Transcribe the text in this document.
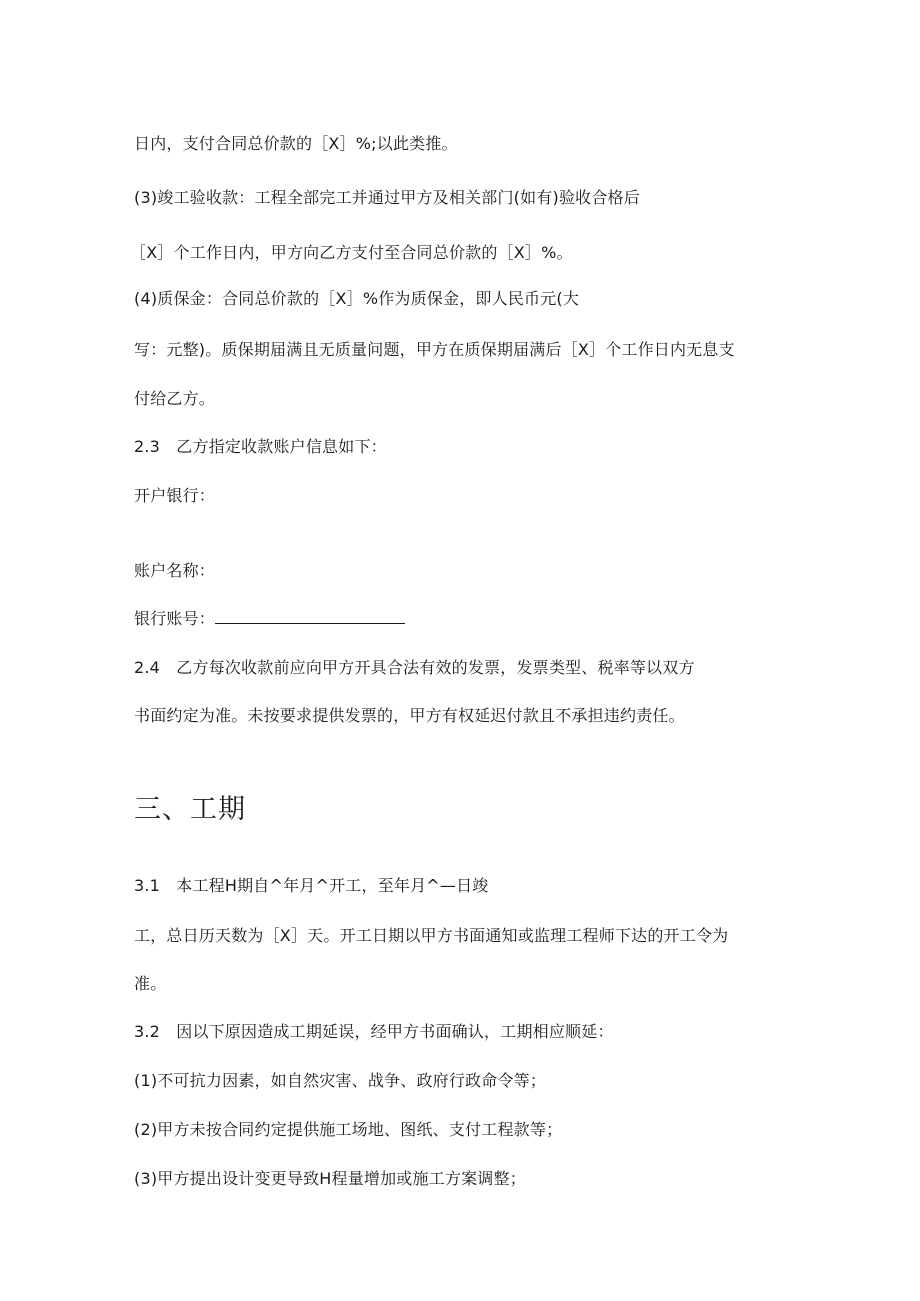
日内，支付合同总价款的［X］%;以此类推。
(3)竣工验收款：工程全部完工并通过甲方及相关部门(如有)验收合格后
［X］个工作日内，甲方向乙方支付至合同总价款的［X］%。
(4)质保金：合同总价款的［X］%作为质保金，即人民币元(大
写：元整)。质保期届满且无质量问题，甲方在质保期届满后［X］个工作日内无息支
付给乙方。
2.3　乙方指定收款账户信息如下：
开户银行：
账户名称：
银行账号：
2.4　乙方每次收款前应向甲方开具合法有效的发票，发票类型、税率等以双方
书面约定为准。未按要求提供发票的，甲方有权延迟付款且不承担违约责任。
三、工期
3.1　本工程H期自^年月^开工，至年月^—日竣
工，总日历天数为［X］天。开工日期以甲方书面通知或监理工程师下达的开工令为
准。
3.2　因以下原因造成工期延误，经甲方书面确认，工期相应顺延：
(1)不可抗力因素，如自然灾害、战争、政府行政命令等；
(2)甲方未按合同约定提供施工场地、图纸、支付工程款等；
(3)甲方提出设计变更导致H程量增加或施工方案调整；
